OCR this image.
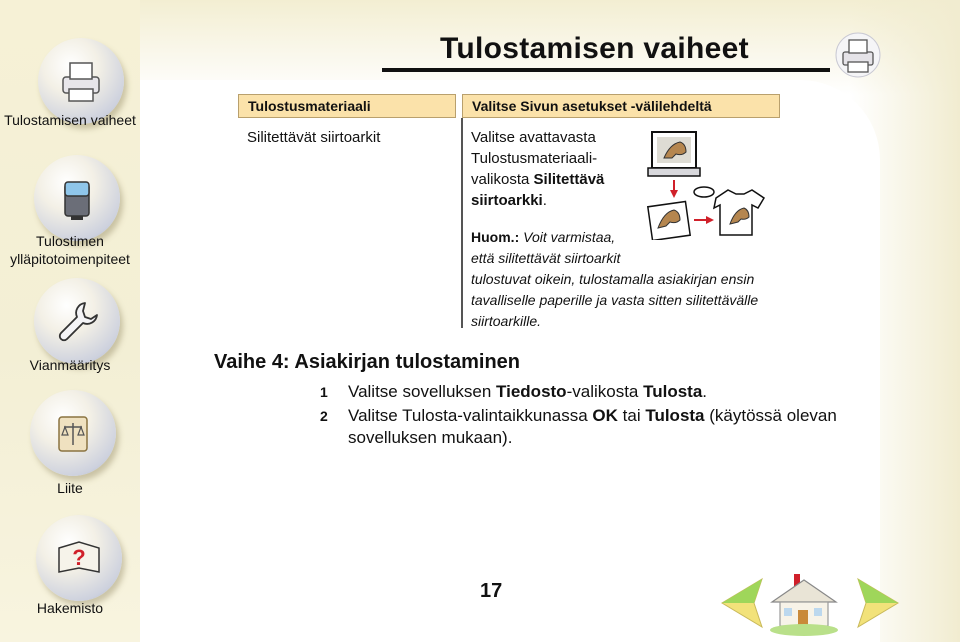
Tulostamisen vaiheet
Tulostimen ylläpitotoimenpiteet
Vianmääritys
Liite
?
Hakemisto
Tulostamisen vaiheet
Tulostusmateriaali	Valitse Sivun asetukset -välilehdeltä
Silitettävät siirtoarkit	Valitse avattavasta
Tulostusmateriaali-
valikosta Silitettävä
siirtoarkki.
Huom.: Voit varmistaa,
että silitettävät siirtoarkit
tulostuvat oikein, tulostamalla asiakirjan ensin
tavalliselle paperille ja vasta sitten silitettävälle
siirtoarkille.
Vaihe 4: Asiakirjan tulostaminen
1 Valitse sovelluksen Tiedosto-valikosta Tulosta.
2 Valitse Tulosta-valintaikkunassa OK tai Tulosta (käytössä olevan
sovelluksen mukaan).
17
